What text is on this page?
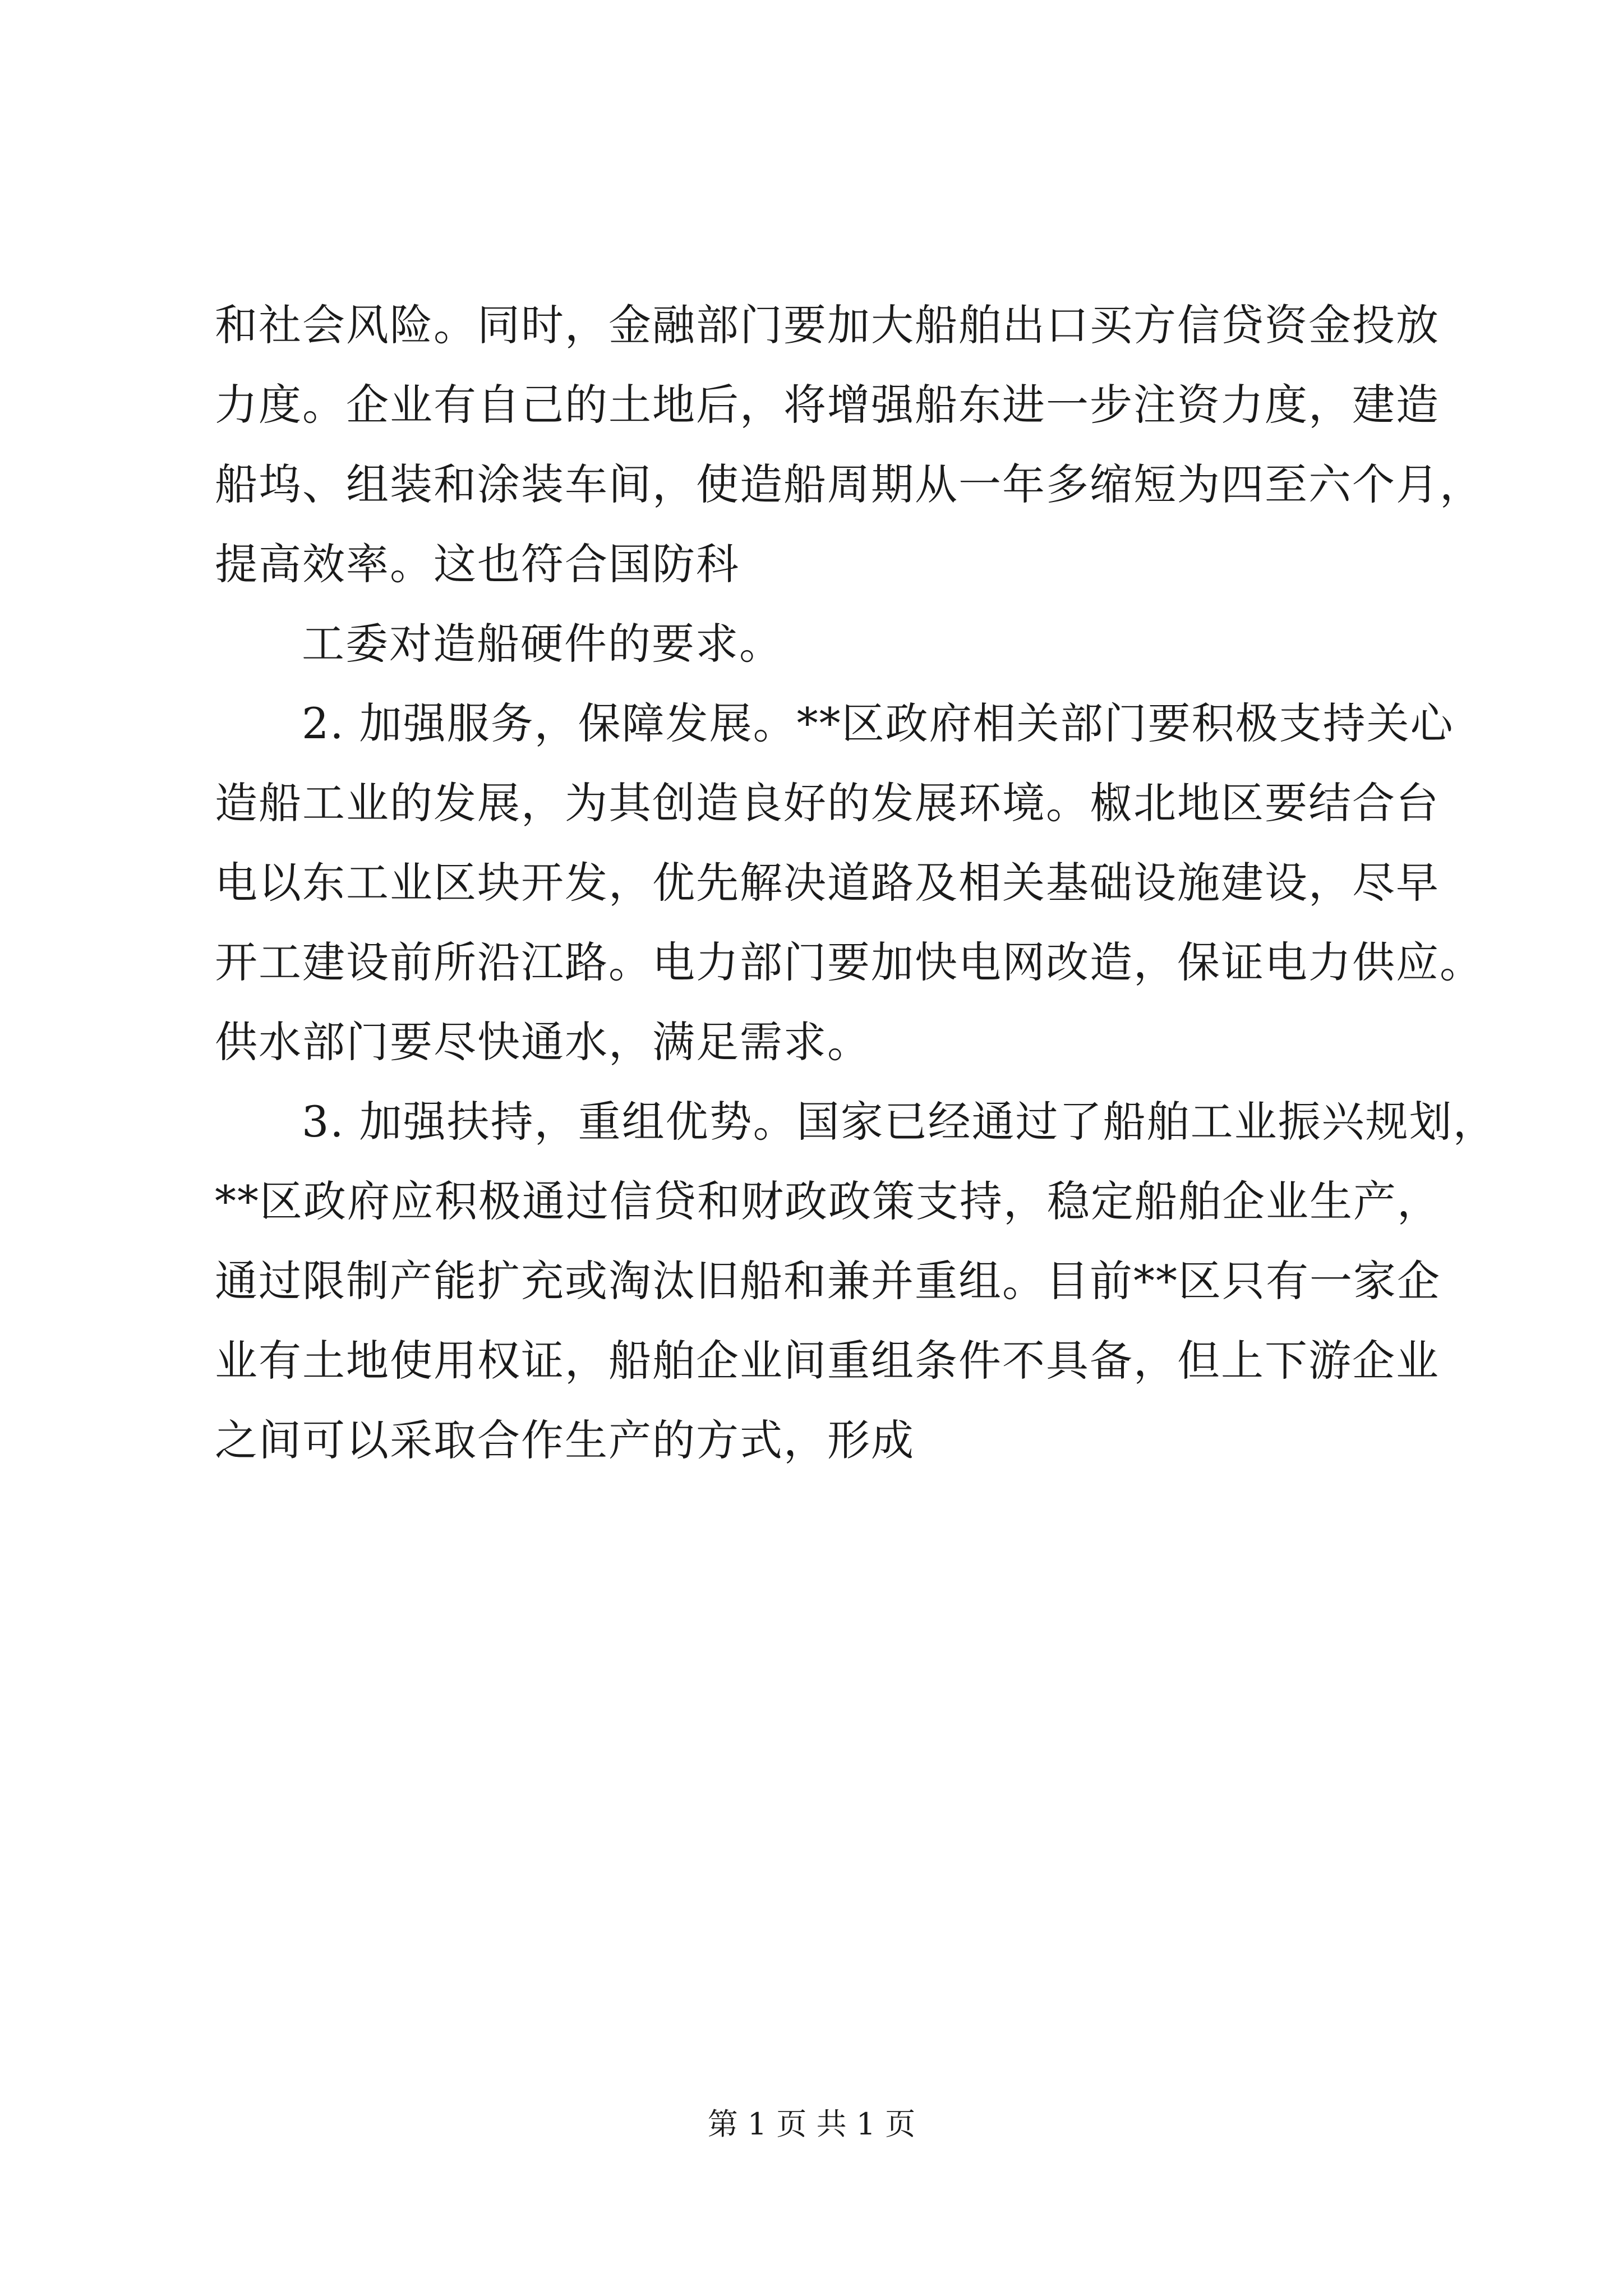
和社会风险。同时，金融部门要加大船舶出口买方信贷资金投放
力度。企业有自己的土地后，将增强船东进一步注资力度，建造
船坞、组装和涂装车间，使造船周期从一年多缩短为四至六个月，
提高效率。这也符合国防科
工委对造船硬件的要求。
2. 加强服务，保障发展。**区政府相关部门要积极支持关心
造船工业的发展，为其创造良好的发展环境。椒北地区要结合台
电以东工业区块开发，优先解决道路及相关基础设施建设，尽早
开工建设前所沿江路。电力部门要加快电网改造，保证电力供应。
供水部门要尽快通水，满足需求。
3. 加强扶持，重组优势。国家已经通过了船舶工业振兴规划，
**区政府应积极通过信贷和财政政策支持，稳定船舶企业生产，
通过限制产能扩充或淘汰旧船和兼并重组。目前**区只有一家企
业有土地使用权证，船舶企业间重组条件不具备，但上下游企业
之间可以采取合作生产的方式，形成
第 1 页 共 1 页
